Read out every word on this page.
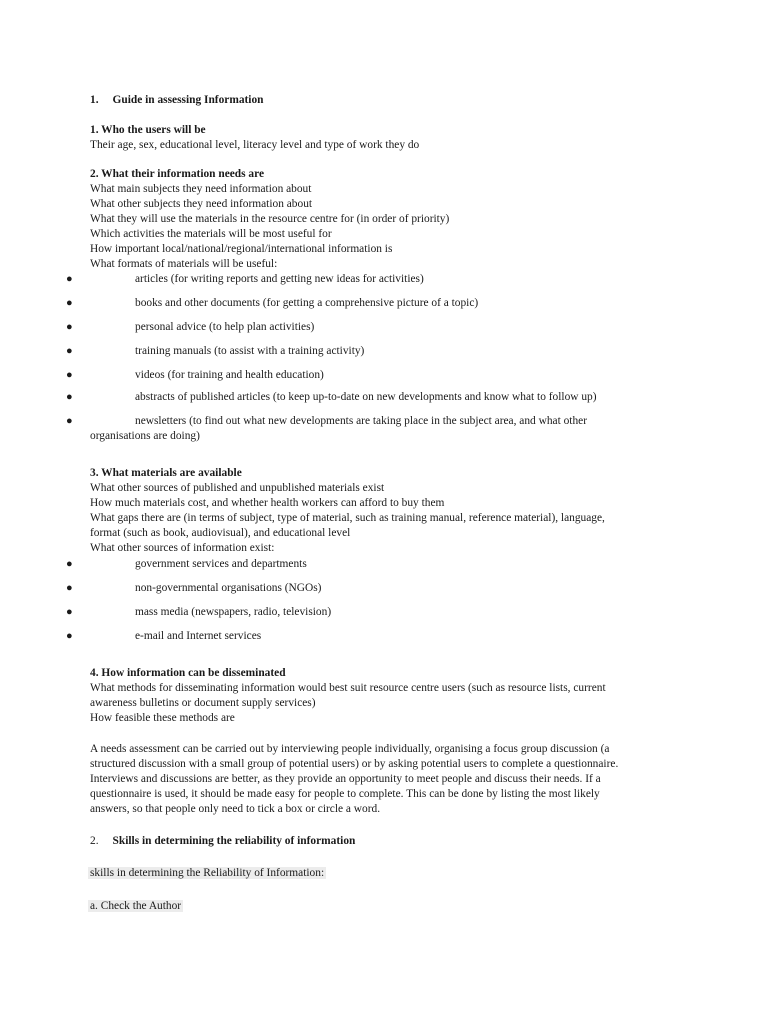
1. Guide in assessing Information
1. Who the users will be
Their age, sex, educational level, literacy level and type of work they do
2. What their information needs are
What main subjects they need information about
What other subjects they need information about
What they will use the materials in the resource centre for (in order of priority)
Which activities the materials will be most useful for
How important local/national/regional/international information is
What formats of materials will be useful:
●	articles (for writing reports and getting new ideas for activities)
●	books and other documents (for getting a comprehensive picture of a topic)
●	personal advice (to help plan activities)
●	training manuals (to assist with a training activity)
●	videos (for training and health education)
●	abstracts of published articles (to keep up-to-date on new developments and know what to follow up)
●	newsletters (to find out what new developments are taking place in the subject area, and what other
organisations are doing)
3. What materials are available
What other sources of published and unpublished materials exist
How much materials cost, and whether health workers can afford to buy them
What gaps there are (in terms of subject, type of material, such as training manual, reference material), language,
format (such as book, audiovisual), and educational level
What other sources of information exist:
●	government services and departments
●	non-governmental organisations (NGOs)
●	mass media (newspapers, radio, television)
●	e-mail and Internet services
4. How information can be disseminated
What methods for disseminating information would best suit resource centre users (such as resource lists, current
awareness bulletins or document supply services)
How feasible these methods are
A needs assessment can be carried out by interviewing people individually, organising a focus group discussion (a
structured discussion with a small group of potential users) or by asking potential users to complete a questionnaire.
Interviews and discussions are better, as they provide an opportunity to meet people and discuss their needs. If a
questionnaire is used, it should be made easy for people to complete. This can be done by listing the most likely
answers, so that people only need to tick a box or circle a word.
2. Skills in determining the reliability of information
skills in determining the Reliability of Information:
a. Check the Author
